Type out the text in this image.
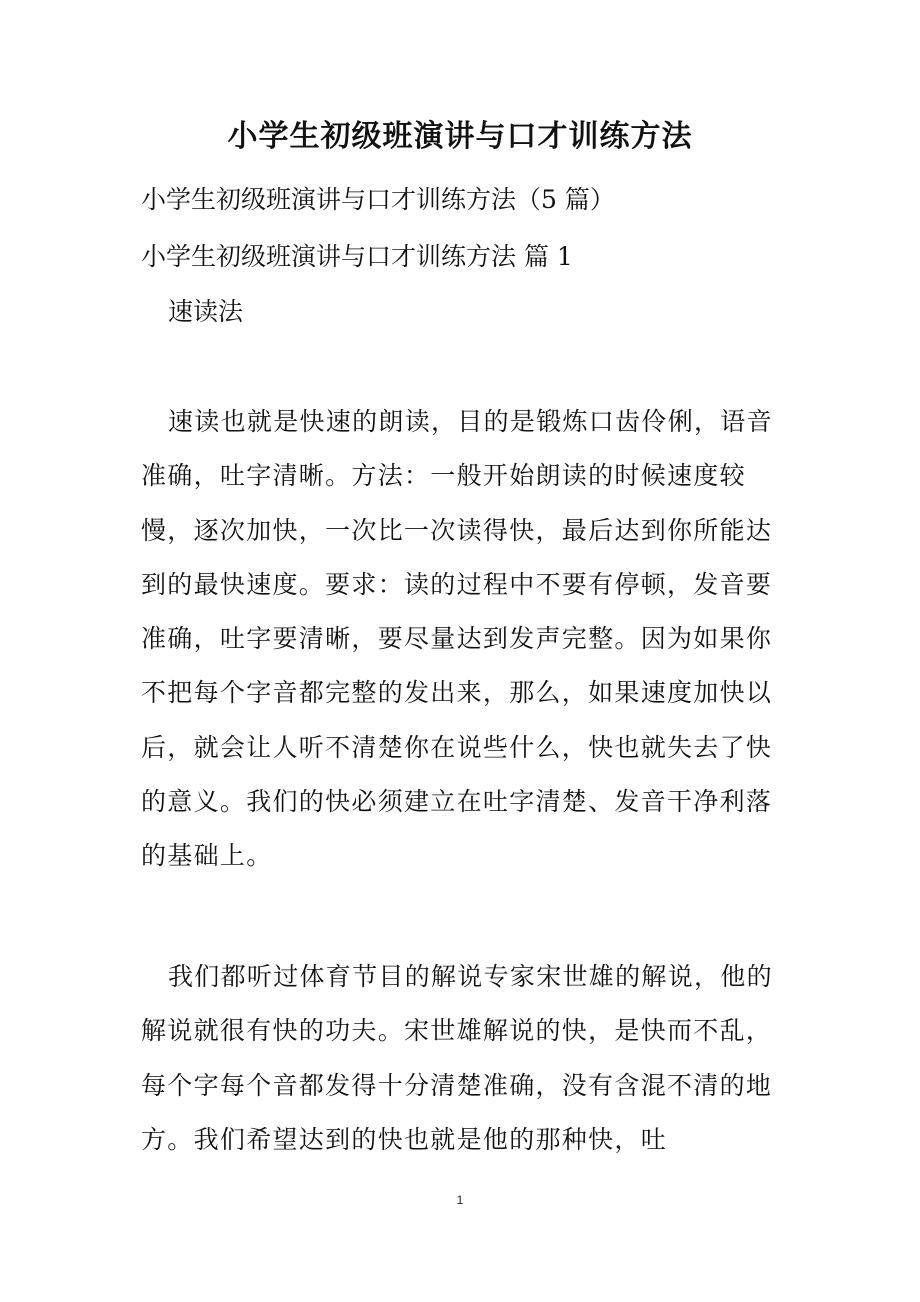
小学生初级班演讲与口才训练方法
小学生初级班演讲与口才训练方法（5 篇）
小学生初级班演讲与口才训练方法 篇 1
速读法
速读也就是快速的朗读，目的是锻炼口齿伶俐，语音准确，吐字清晰。方法：一般开始朗读的时候速度较慢，逐次加快，一次比一次读得快，最后达到你所能达到的最快速度。要求：读的过程中不要有停顿，发音要准确，吐字要清晰，要尽量达到发声完整。因为如果你不把每个字音都完整的发出来，那么，如果速度加快以后，就会让人听不清楚你在说些什么，快也就失去了快的意义。我们的快必须建立在吐字清楚、发音干净利落的基础上。
我们都听过体育节目的解说专家宋世雄的解说，他的解说就很有快的功夫。宋世雄解说的快，是快而不乱，每个字每个音都发得十分清楚准确，没有含混不清的地方。我们希望达到的快也就是他的那种快，吐
1
